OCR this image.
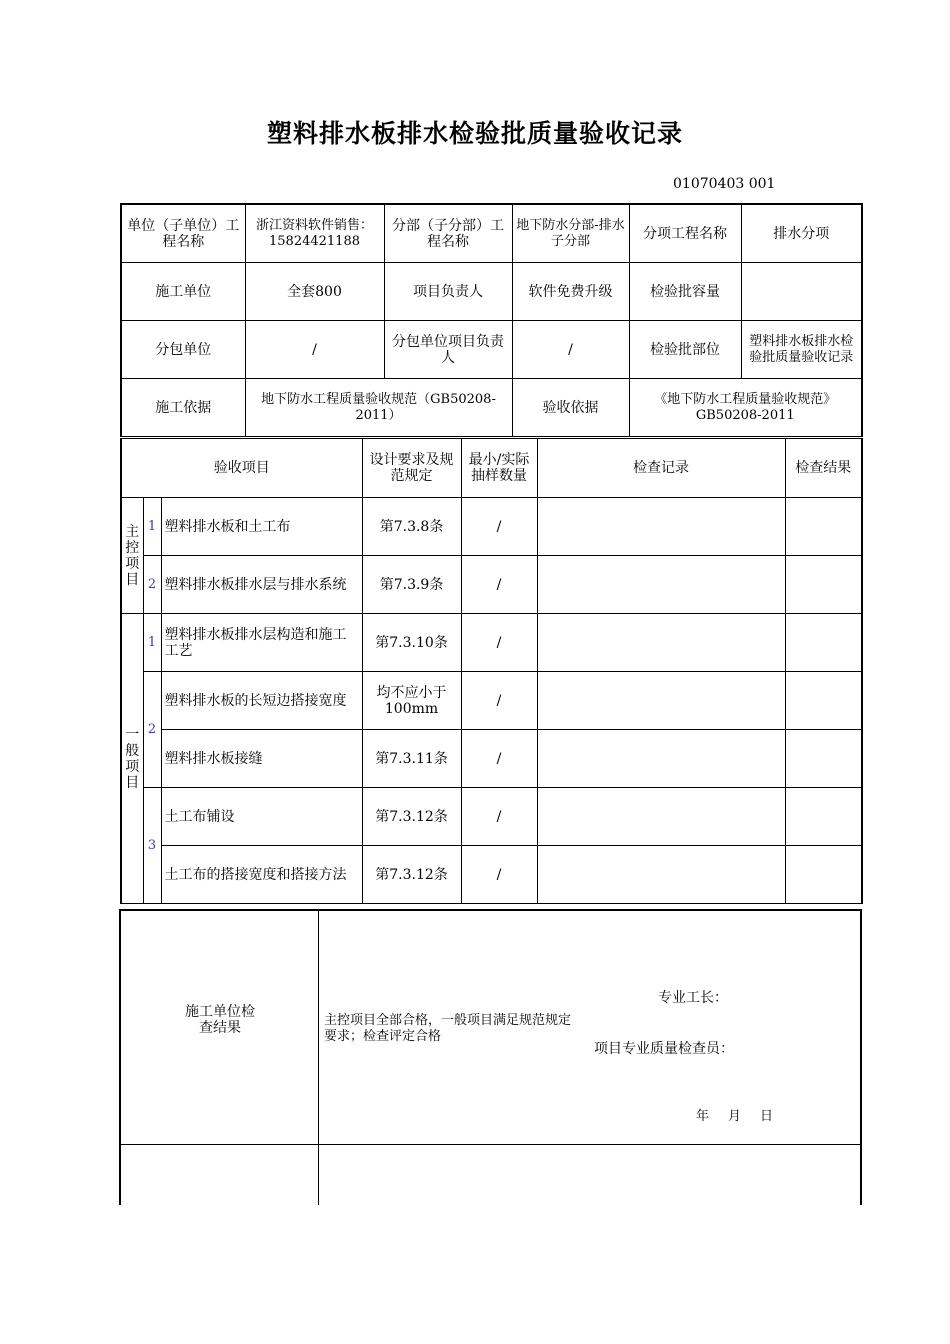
塑料排水板排水检验批质量验收记录
01070403 001
单位（子单位）工程名称	浙江资料软件销售：15824421188	分部（子分部）工程名称	地下防水分部-排水子分部	分项工程名称	排水分项
施工单位	全套800	项目负责人	软件免费升级	检验批容量	
分包单位	/	分包单位项目负责人	/	检验批部位	塑料排水板排水检验批质量验收记录
施工依据	地下防水工程质量验收规范（GB50208-2011）		验收依据	《地下防水工程质量验收规范》GB50208-2011	
验收项目			设计要求及规范规定	最小/实际抽样数量	检查记录	检查结果
主
控
项
目	1	塑料排水板和土工布	第7.3.8条	/		
	2	塑料排水板排水层与排水系统	第7.3.9条	/		
一
般
项
目	1	塑料排水板排水层构造和施工工艺	第7.3.10条	/		
	2	塑料排水板的长短边搭接宽度	均不应小于100mm	/		
		塑料排水板接缝	第7.3.11条	/		
	3	土工布铺设	第7.3.12条	/		
		土工布的搭接宽度和搭接方法	第7.3.12条	/		
施工单位检查结果	主控项目全部合格，一般项目满足规范规定要求；检查评定合格
专业工长：
项目专业质量检查员：
年　月　日
